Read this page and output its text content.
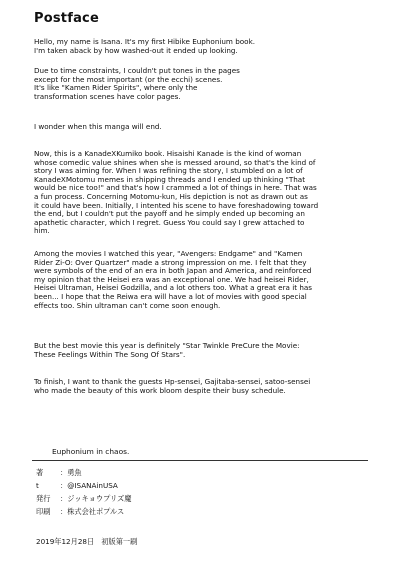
Postface
Hello, my name is Isana. It's my first Hibike Euphonium book.
I'm taken aback by how washed-out it ended up looking.
Due to time constraints, I couldn't put tones in the pages
except for the most important (or the ecchi) scenes.
It's like "Kamen Rider Spirits", where only the
transformation scenes have color pages.
I wonder when this manga will end.
Now, this is a KanadeXKumiko book. Hisaishi Kanade is the kind of woman
whose comedic value shines when she is messed around, so that's the kind of
story I was aiming for. When I was refining the story, I stumbled on a lot of
KanadeXMotomu memes in shipping threads and I ended up thinking "That
would be nice too!" and that's how I crammed a lot of things in here. That was
a fun process. Concerning Motomu-kun, His depiction is not as drawn out as
it could have been. Initially, I intented his scene to have foreshadowing toward
the end, but I couldn't put the payoff and he simply ended up becoming an
apathetic character, which I regret. Guess You could say I grew attached to
him.
Among the movies I watched this year, "Avengers: Endgame" and "Kamen
Rider Zi-O: Over Quartzer" made a strong impression on me. I felt that they
were symbols of the end of an era in both Japan and America, and reinforced
my opinion that the Heisei era was an exceptional one. We had heisei Rider,
Heisei Ultraman, Heisei Godzilla, and a lot others too. What a great era it has
been... I hope that the Reiwa era will have a lot of movies with good special
effects too. Shin ultraman can't come soon enough.
But the best movie this year is definitely "Star Twinkle PreCure the Movie:
These Feelings Within The Song Of Stars".
To finish, I want to thank the guests Hp-sensei, Gajitaba-sensei, satoo-sensei
who made the beauty of this work bloom despite their busy schedule.
Euphonium in chaos.
著 ：勇魚
t	：@ISANAinUSA
発行 ：ジッキョウプリズ魔
印刷 ：株式会社ポプルス
2019年12月28日　初版第一刷
